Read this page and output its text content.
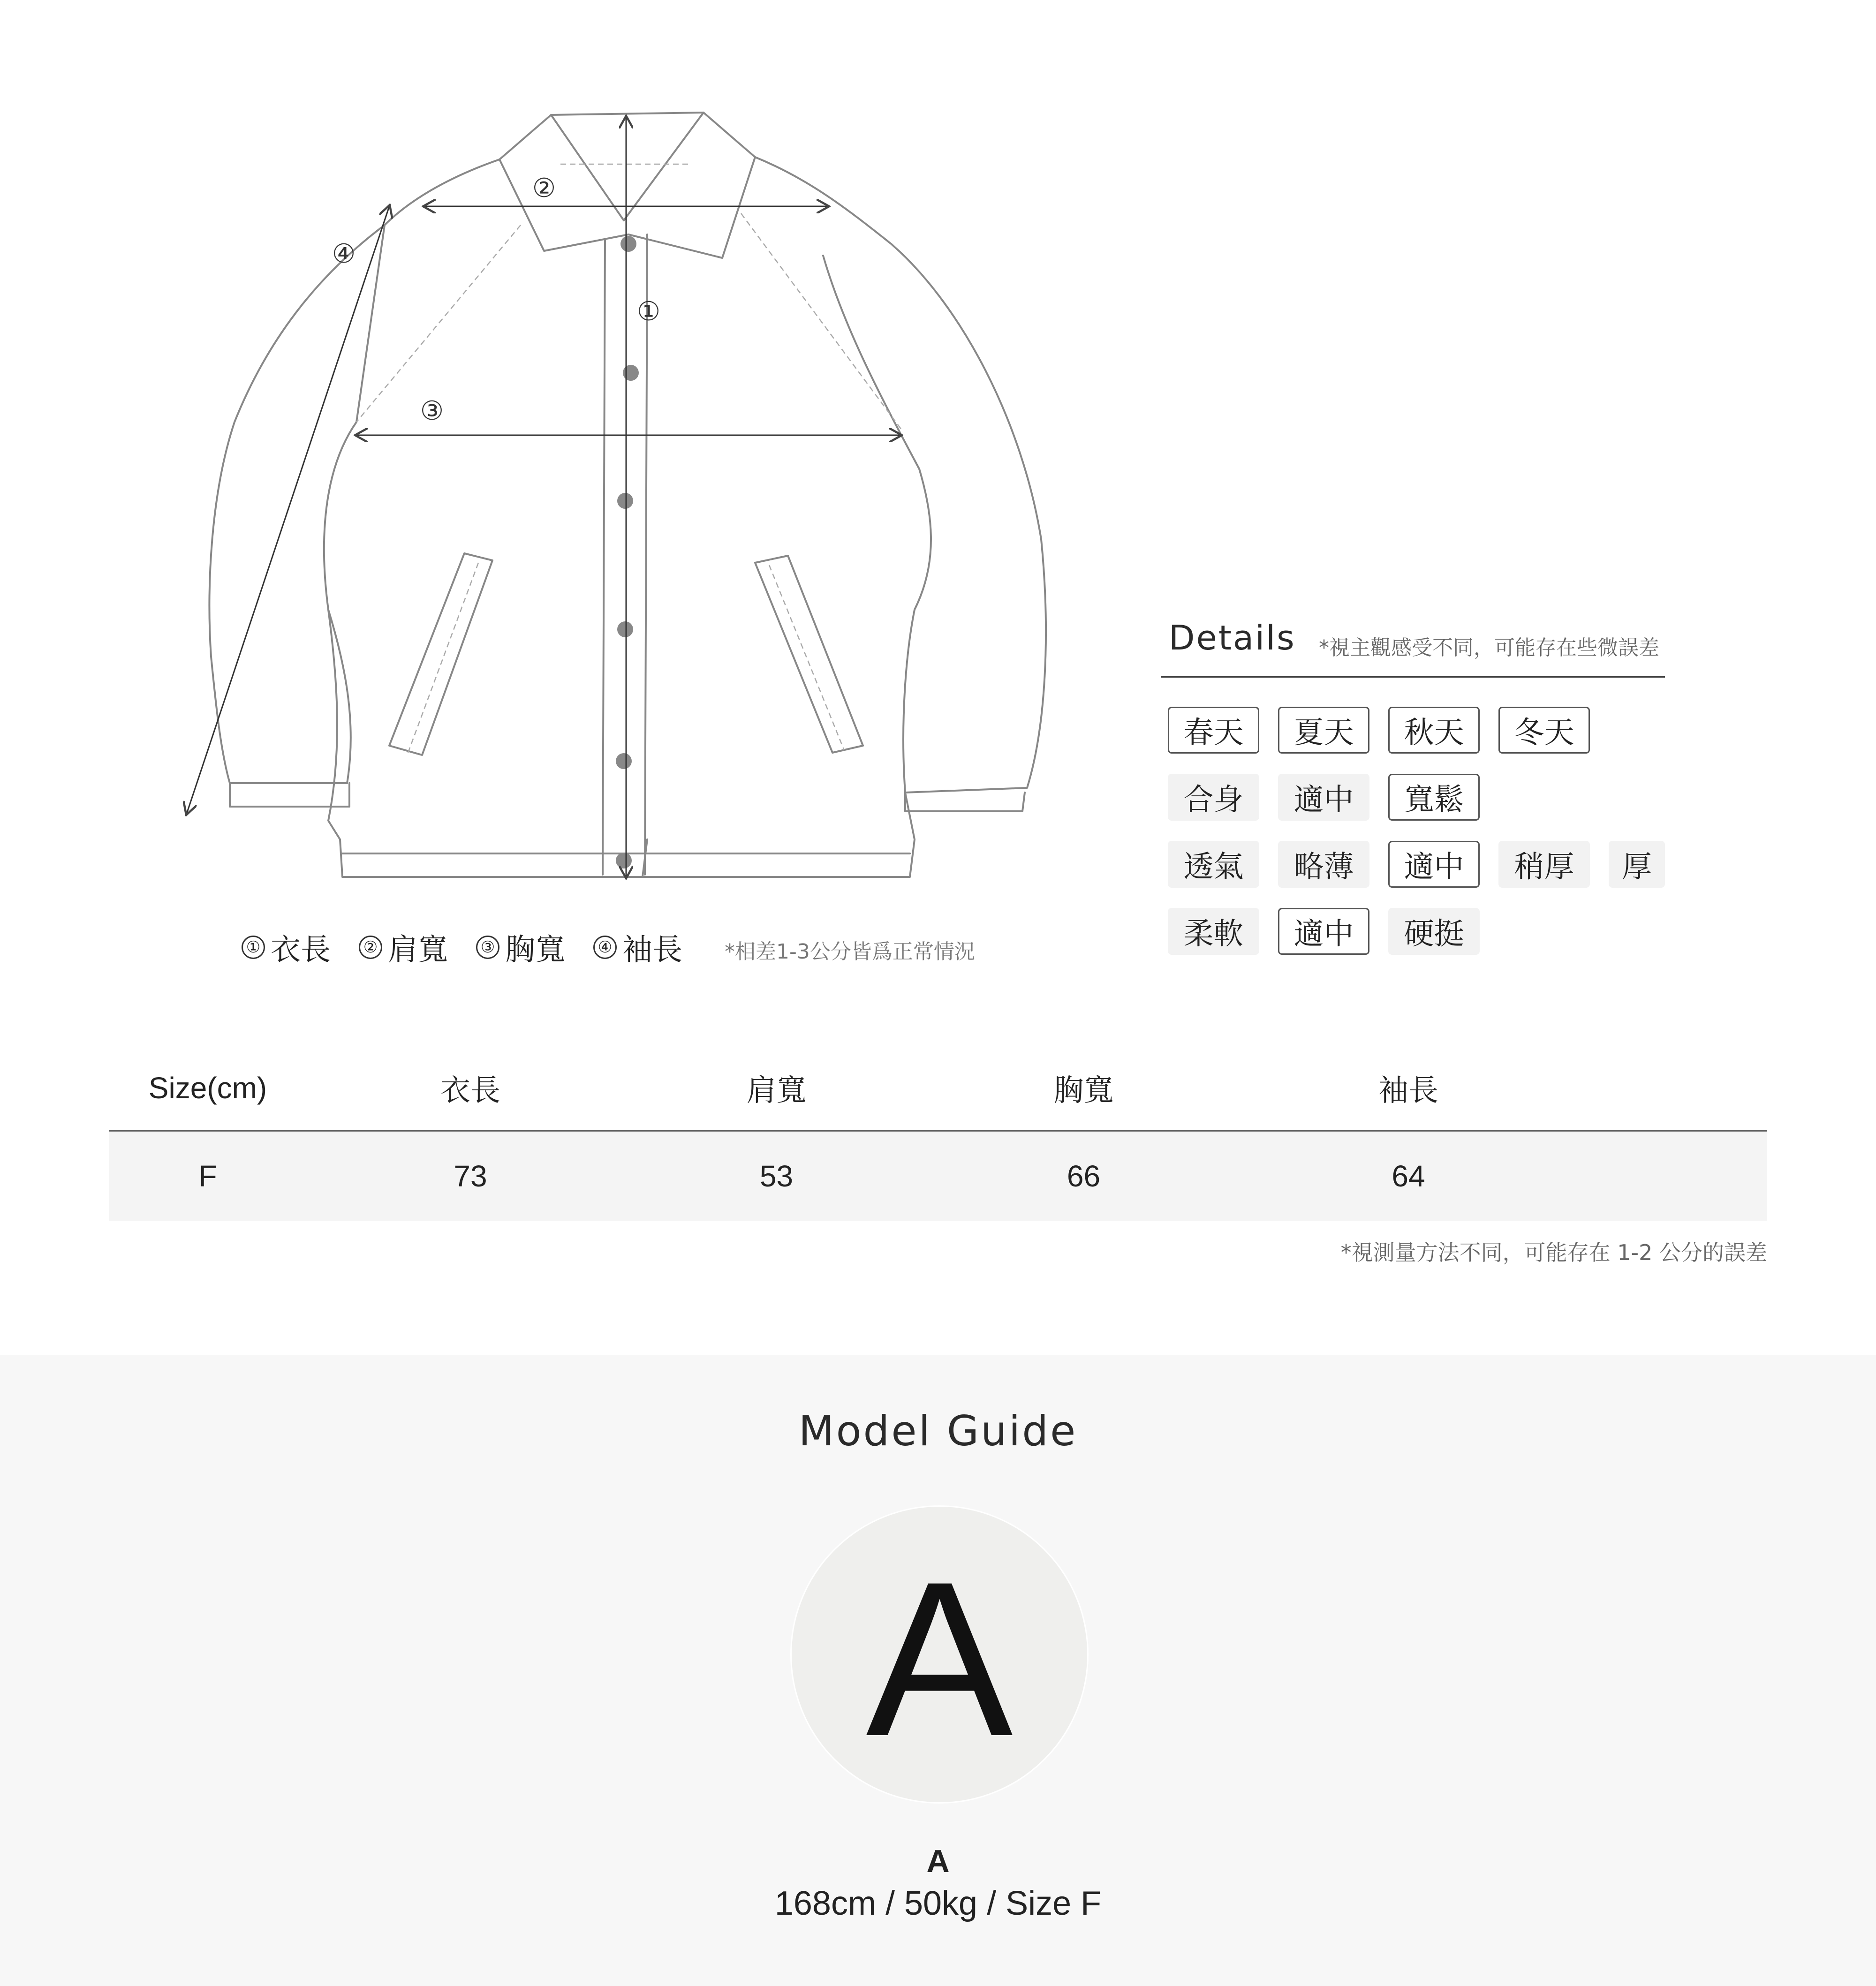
①
②
③
④
① 衣長 ② 肩寬 ③ 胸寬 ④ 袖長 *相差1-3公分皆爲正常情況
Details *視主觀感受不同，可能存在些微誤差
春天	夏天	秋天	冬天
合身	適中	寬鬆
透氣	略薄	適中	稍厚	厚
柔軟	適中	硬挺
Size(cm)	衣長	肩寬	胸寬	袖長
F	73	53	66	64
*視測量方法不同，可能存在 1-2 公分的誤差
Model Guide
A
A
168cm / 50kg / Size F
